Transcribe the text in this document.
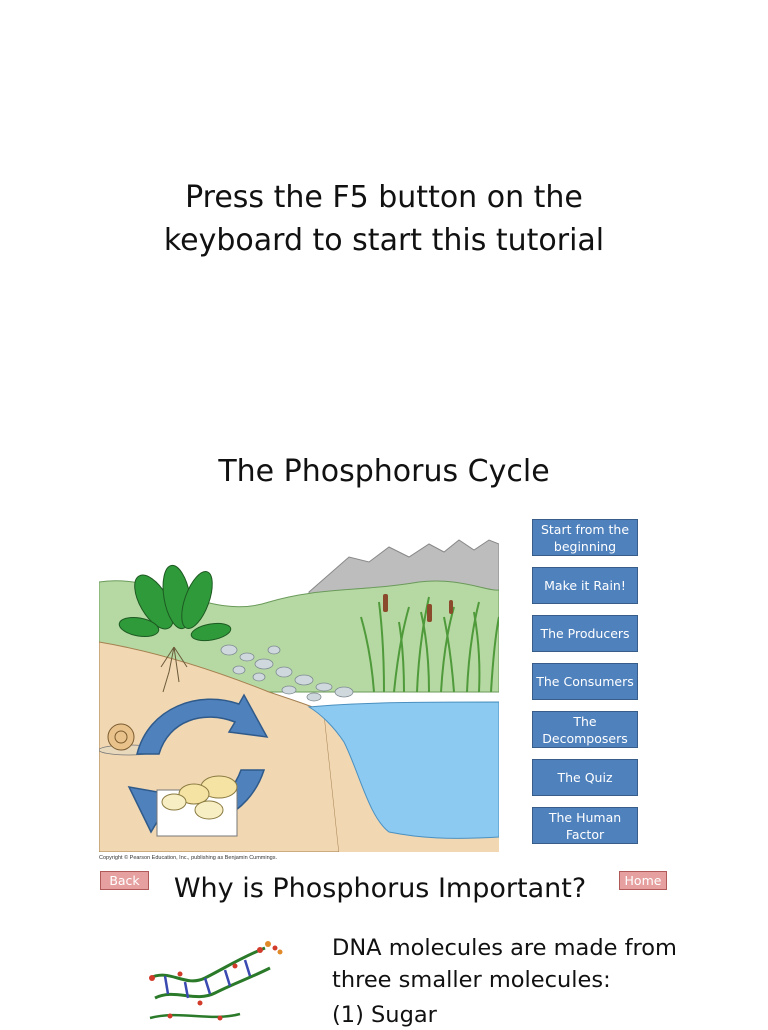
Press the F5 button on the
keyboard to start this tutorial
The Phosphorus Cycle
Copyright © Pearson Education, Inc., publishing as Benjamin Cummings.
Start from the beginning
Make it Rain!
The Producers
The Consumers
The Decomposers
The Quiz
The Human Factor
Back	Home
Why is Phosphorus Important?
DNA molecules are made from
three smaller molecules:
(1) Sugar
